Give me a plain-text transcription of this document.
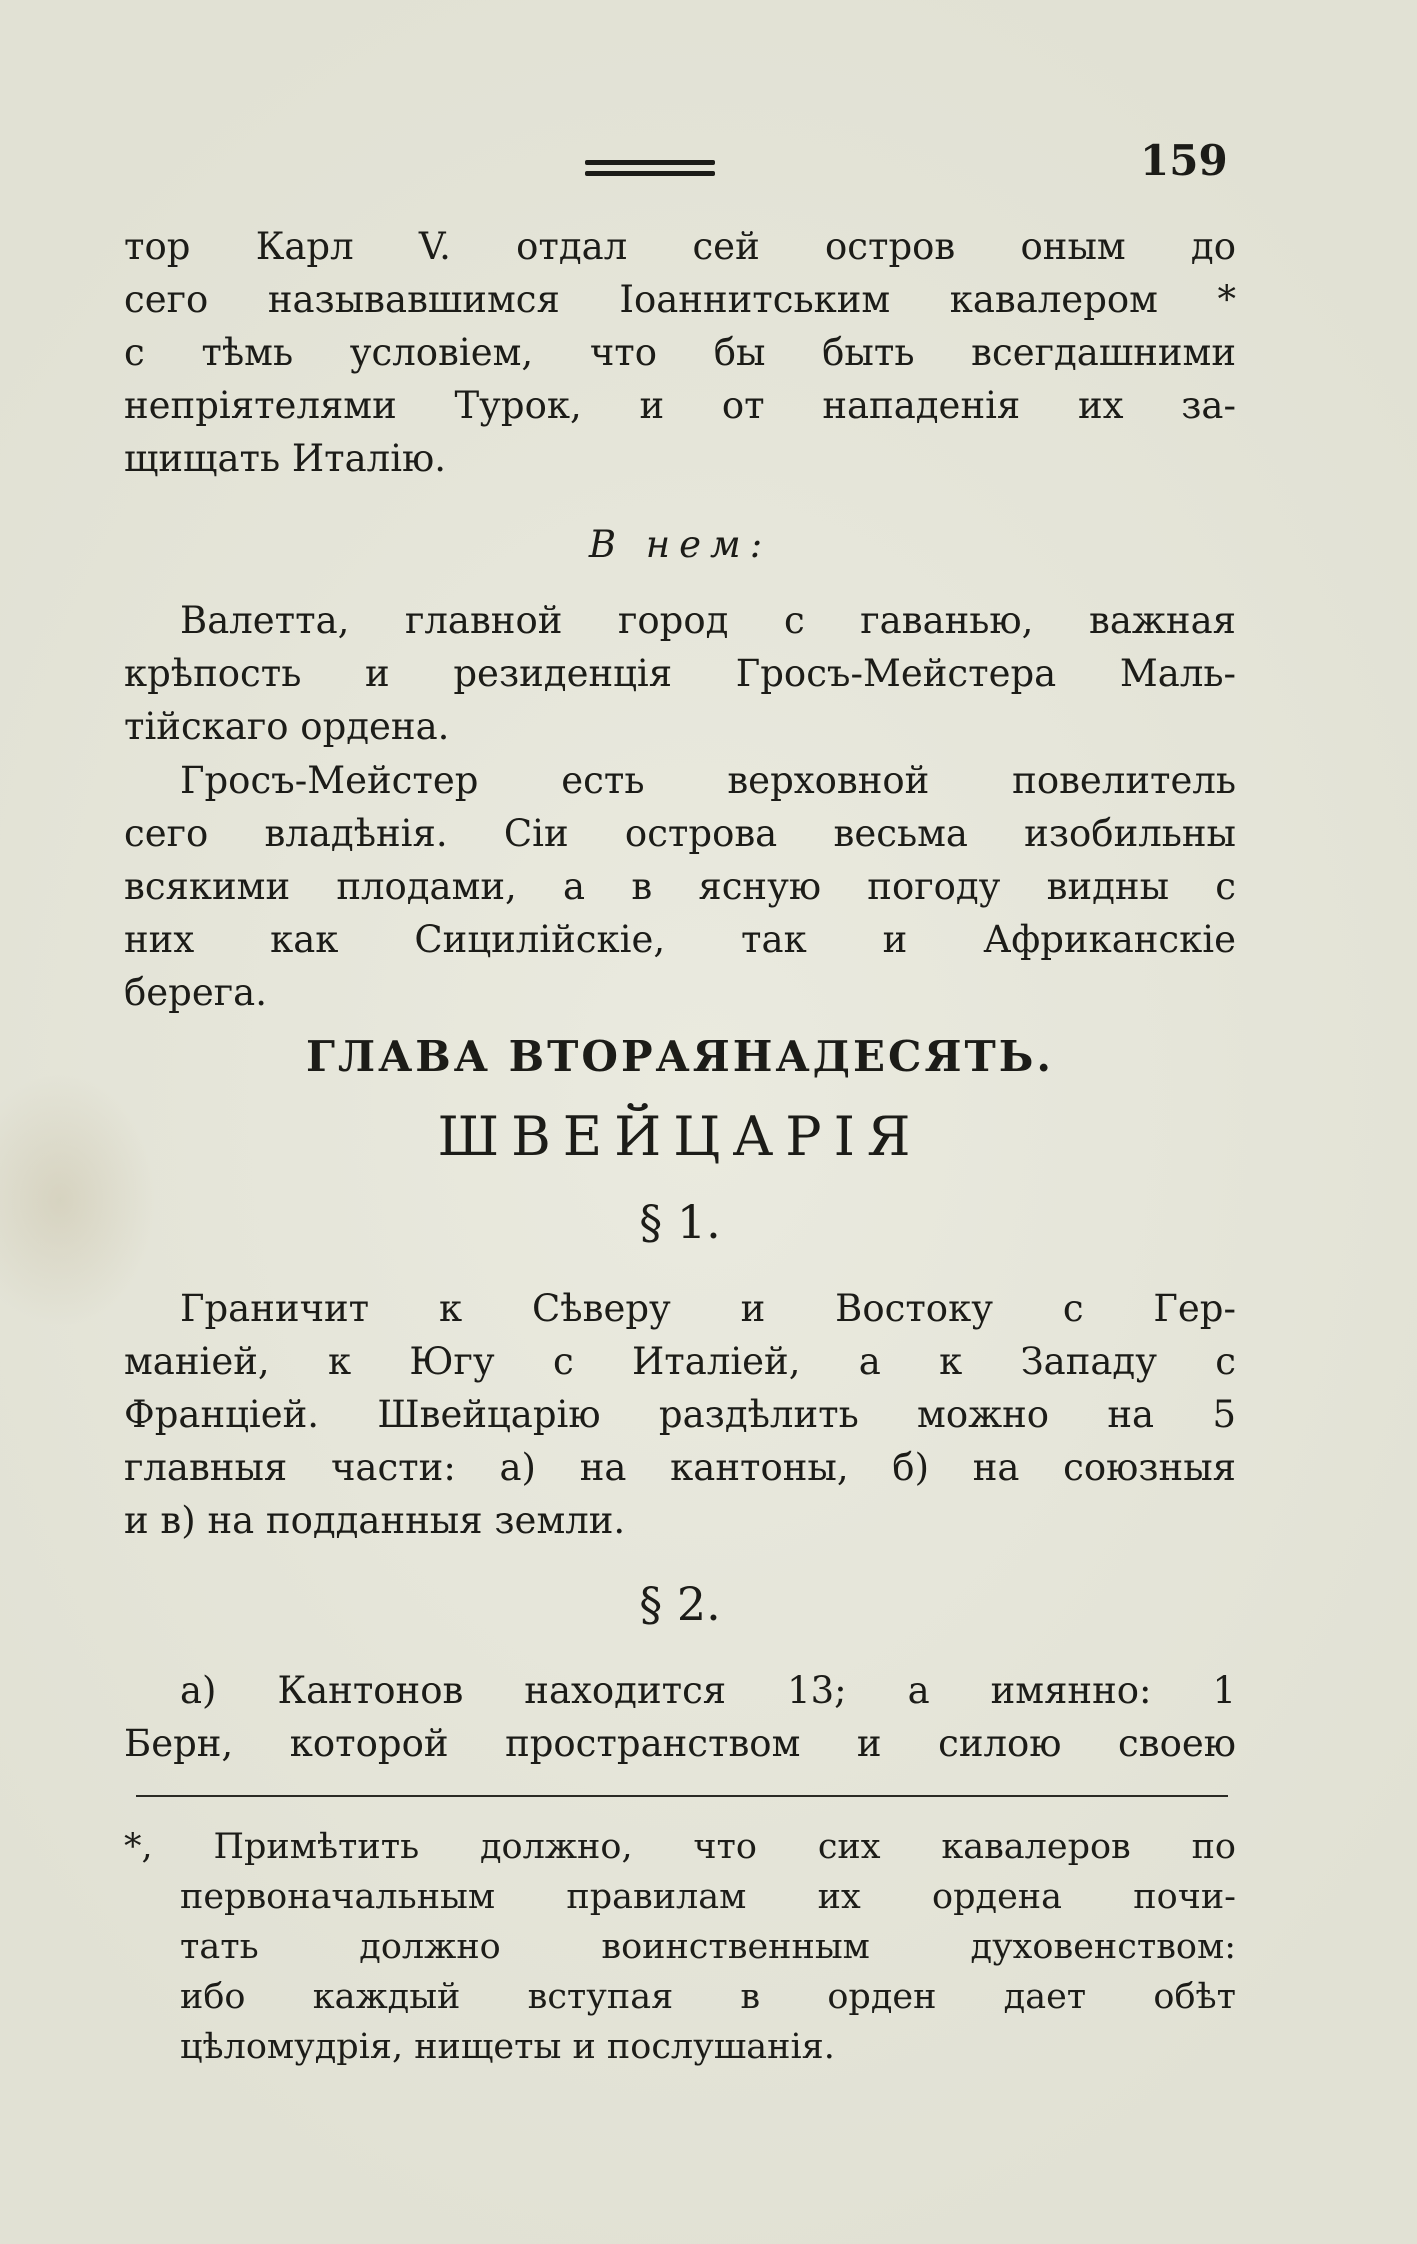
159
тор Карл V. отдал сей остров оным до
сего называвшимся Іоаннитським кавалером *
с тѣмь условіем, что бы быть всегдашними
непріятелями Турок, и от нападенія их за-
щищать Италію.
В нем:
Валетта, главной город с гаванью, важная
крѣпость и резиденція Гросъ-Мейстера Маль-
тійскаго ордена.
Гросъ-Мейстер есть верховной повелитель
сего владѣнія. Сіи острова весьма изобильны
всякими плодами, а в ясную погоду видны с
них как Сицилійскіе, так и Африканскіе
берега.
ГЛАВА ВТОРАЯНАДЕСЯТЬ.
ШВЕЙЦАРІЯ
§ 1.
Граничит к Сѣверу и Востоку с Гер-
маніей, к Югу с Италіей, а к Западу с
Франціей. Швейцарію раздѣлить можно на 5
главныя части: а) на кантоны, б) на союзныя
и в) на подданныя земли.
§ 2.
а) Кантонов находится 13; а имянно: 1
Берн, которой пространством и силою своею
*, Примѣтить должно, что сих кавалеров по
первоначальным правилам их ордена почи-
тать должно воинственным духовенством:
ибо каждый вступая в орден дает обѣт
цѣломудрія, нищеты и послушанія.
